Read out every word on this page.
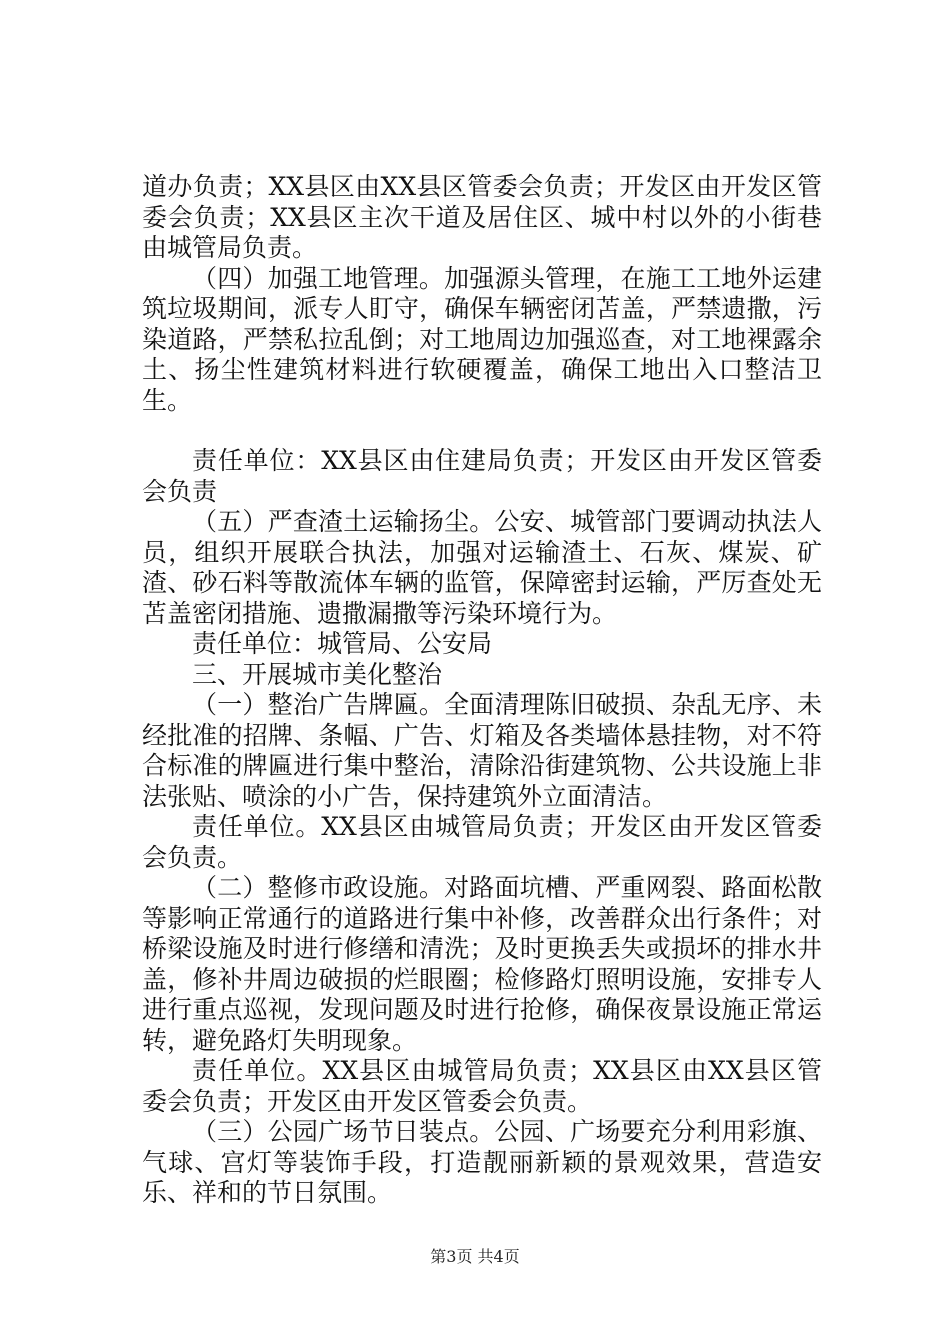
道办负责；XX县区由XX县区管委会负责；开发区由开发区管委会负责；XX县区主次干道及居住区、城中村以外的小街巷由城管局负责。

（四）加强工地管理。加强源头管理，在施工工地外运建筑垃圾期间，派专人盯守，确保车辆密闭苫盖，严禁遗撒，污染道路，严禁私拉乱倒；对工地周边加强巡查，对工地裸露余土、扬尘性建筑材料进行软硬覆盖，确保工地出入口整洁卫生。

责任单位：XX县区由住建局负责；开发区由开发区管委会负责

（五）严查渣土运输扬尘。公安、城管部门要调动执法人员，组织开展联合执法，加强对运输渣土、石灰、煤炭、矿渣、砂石料等散流体车辆的监管，保障密封运输，严厉查处无苫盖密闭措施、遗撒漏撒等污染环境行为。

责任单位：城管局、公安局

三、开展城市美化整治

（一）整治广告牌匾。全面清理陈旧破损、杂乱无序、未经批准的招牌、条幅、广告、灯箱及各类墙体悬挂物，对不符合标准的牌匾进行集中整治，清除沿街建筑物、公共设施上非法张贴、喷涂的小广告，保持建筑外立面清洁。

责任单位。XX县区由城管局负责；开发区由开发区管委会负责。

（二）整修市政设施。对路面坑槽、严重网裂、路面松散等影响正常通行的道路进行集中补修，改善群众出行条件；对桥梁设施及时进行修缮和清洗；及时更换丢失或损坏的排水井盖，修补井周边破损的烂眼圈；检修路灯照明设施，安排专人进行重点巡视，发现问题及时进行抢修，确保夜景设施正常运转，避免路灯失明现象。

责任单位。XX县区由城管局负责；XX县区由XX县区管委会负责；开发区由开发区管委会负责。

（三）公园广场节日装点。公园、广场要充分利用彩旗、气球、宫灯等装饰手段，打造靓丽新颖的景观效果，营造安乐、祥和的节日氛围。

第3页 共4页
